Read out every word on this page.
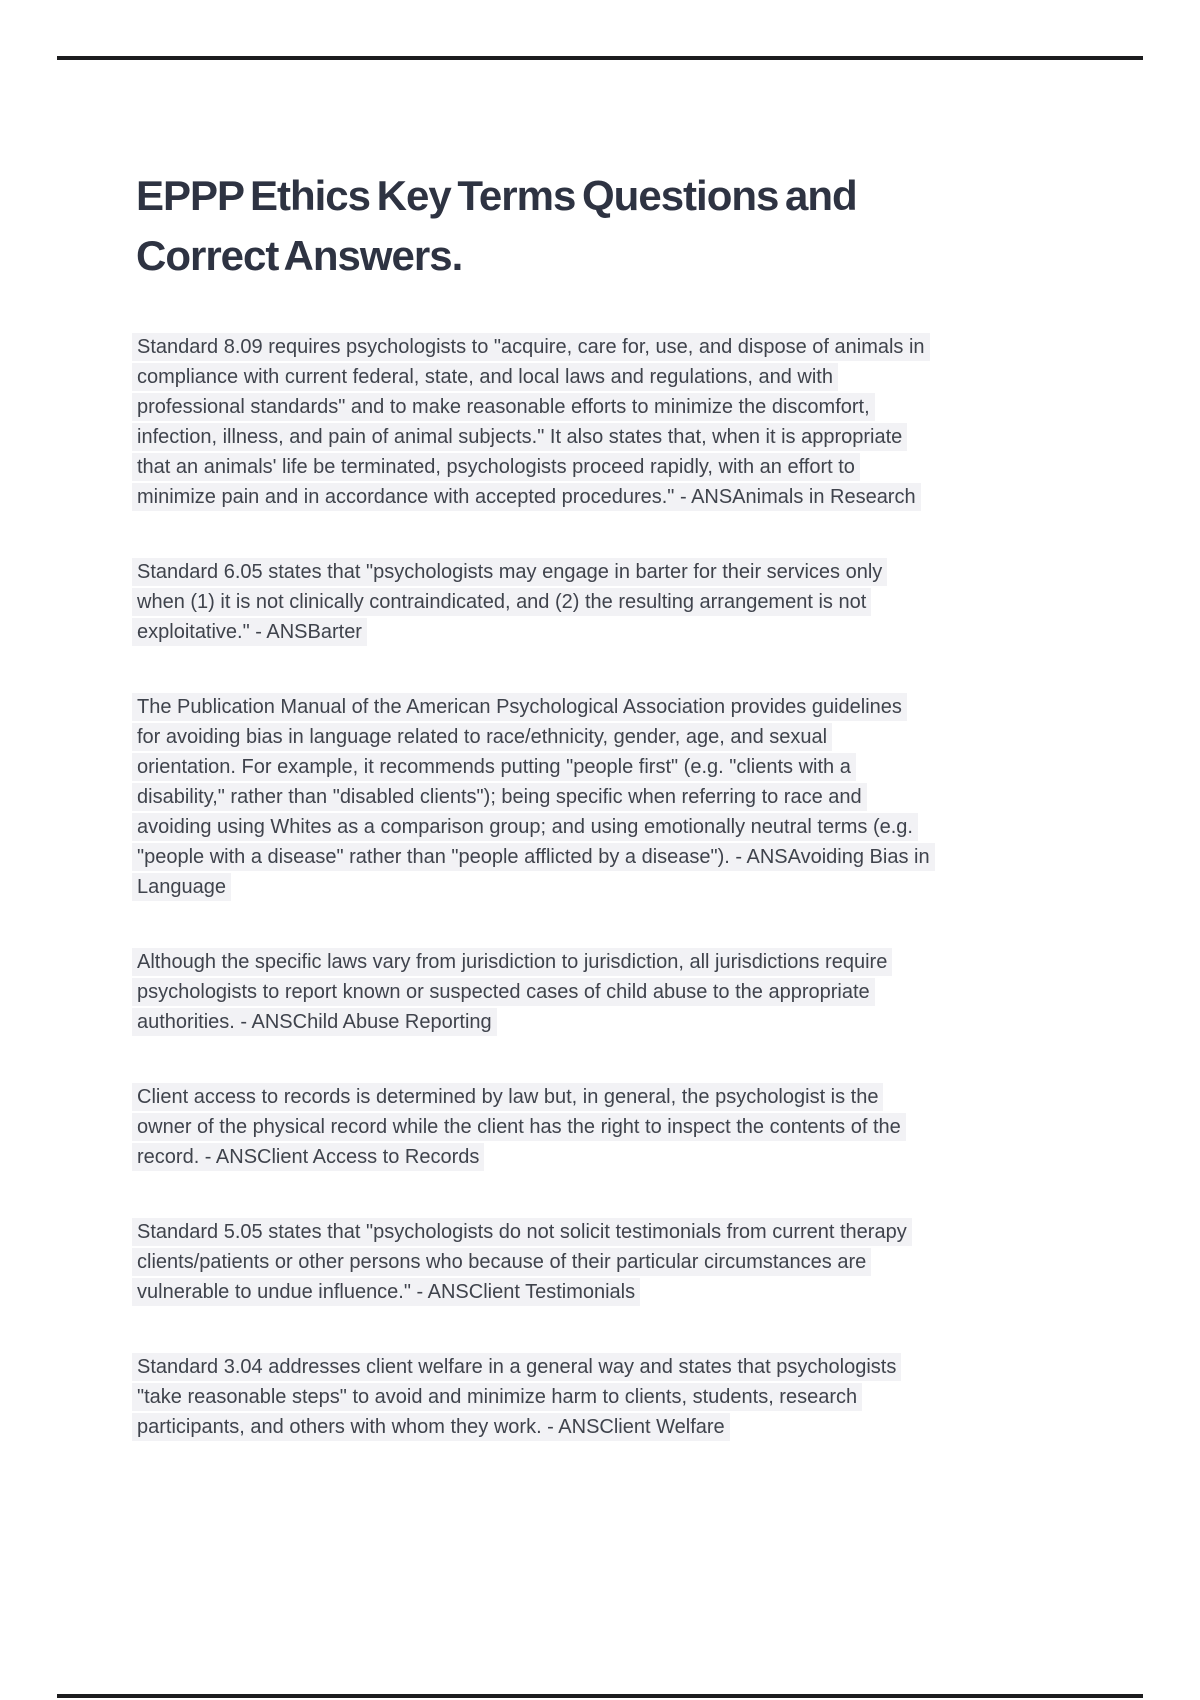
EPPP Ethics Key Terms Questions and
Correct Answers.
Standard 8.09 requires psychologists to "acquire, care for, use, and dispose of animals in
compliance with current federal, state, and local laws and regulations, and with
professional standards" and to make reasonable efforts to minimize the discomfort,
infection, illness, and pain of animal subjects." It also states that, when it is appropriate
that an animals' life be terminated, psychologists proceed rapidly, with an effort to
minimize pain and in accordance with accepted procedures." - ANSAnimals in Research
Standard 6.05 states that "psychologists may engage in barter for their services only
when (1) it is not clinically contraindicated, and (2) the resulting arrangement is not
exploitative." - ANSBarter
The Publication Manual of the American Psychological Association provides guidelines
for avoiding bias in language related to race/ethnicity, gender, age, and sexual
orientation. For example, it recommends putting "people first" (e.g. "clients with a
disability," rather than "disabled clients"); being specific when referring to race and
avoiding using Whites as a comparison group; and using emotionally neutral terms (e.g.
"people with a disease" rather than "people afflicted by a disease"). - ANSAvoiding Bias in
Language
Although the specific laws vary from jurisdiction to jurisdiction, all jurisdictions require
psychologists to report known or suspected cases of child abuse to the appropriate
authorities. - ANSChild Abuse Reporting
Client access to records is determined by law but, in general, the psychologist is the
owner of the physical record while the client has the right to inspect the contents of the
record. - ANSClient Access to Records
Standard 5.05 states that "psychologists do not solicit testimonials from current therapy
clients/patients or other persons who because of their particular circumstances are
vulnerable to undue influence." - ANSClient Testimonials
Standard 3.04 addresses client welfare in a general way and states that psychologists
"take reasonable steps" to avoid and minimize harm to clients, students, research
participants, and others with whom they work. - ANSClient Welfare
